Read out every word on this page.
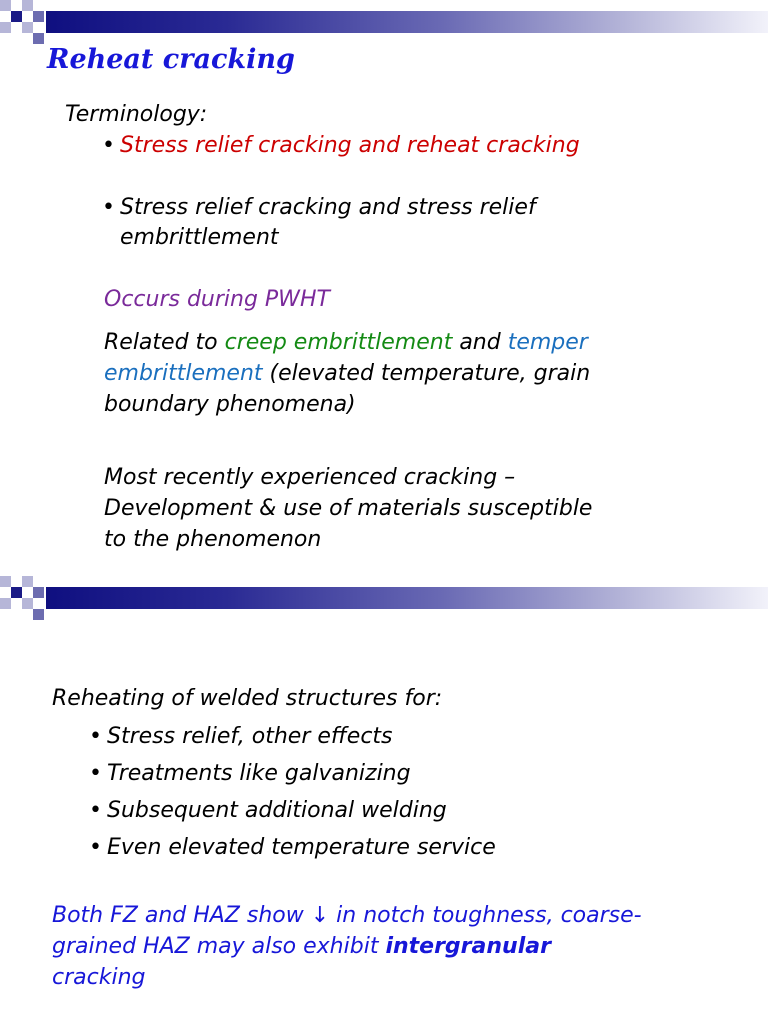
Reheat cracking

Terminology:

• Stress relief cracking and reheat cracking

• Stress relief cracking and stress relief

embrittlement

Occurs during PWHT

Related to creep embrittlement and temper

embrittlement (elevated temperature, grain

boundary phenomena)

Most recently experienced cracking –

Development & use of materials susceptible

to the phenomenon

Reheating of welded structures for:

• Stress relief, other effects

• Treatments like galvanizing

• Subsequent additional welding

• Even elevated temperature service

Both FZ and HAZ show ↓ in notch toughness, coarse-

grained HAZ may also exhibit intergranular

cracking
